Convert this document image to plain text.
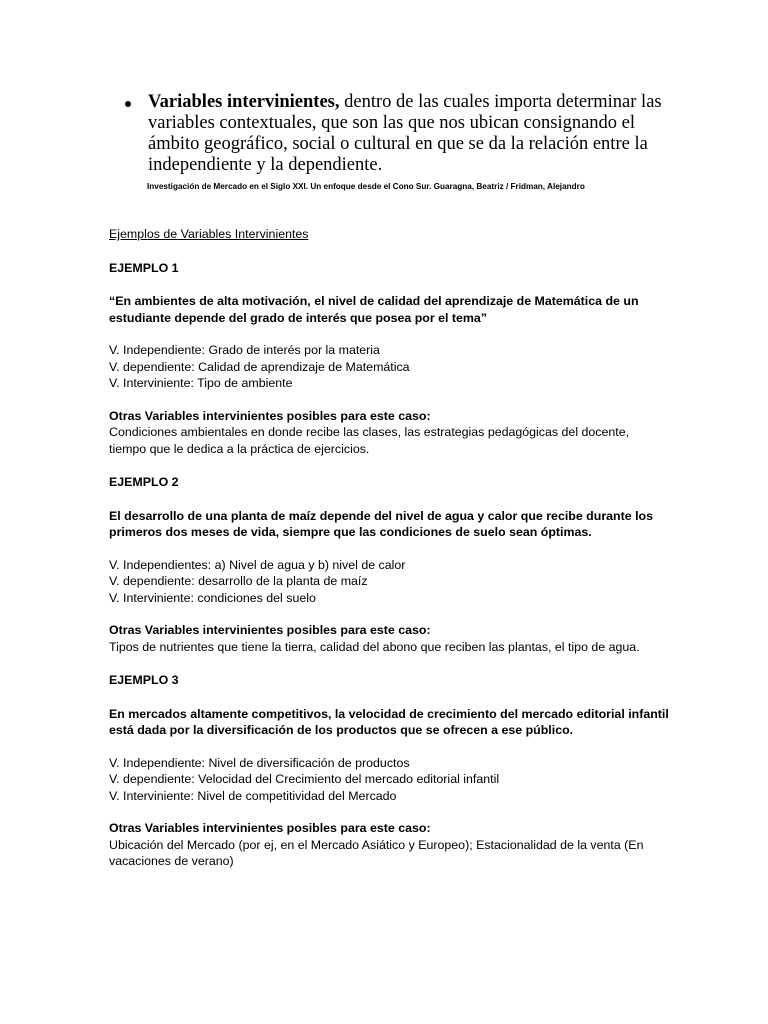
Variables intervinientes, dentro de las cuales importa determinar las variables contextuales, que son las que nos ubican consignando el ámbito geográfico, social o cultural en que se da la relación entre la independiente y la dependiente.
Investigación de Mercado en el Siglo XXI. Un enfoque desde el Cono Sur. Guaragna, Beatriz / Fridman, Alejandro

Ejemplos de Variables Intervinientes

EJEMPLO 1

“En ambientes de alta motivación, el nivel de calidad del aprendizaje de Matemática de un estudiante depende del grado de interés que posea por el tema”

V. Independiente: Grado de interés por la materia

V. dependiente: Calidad de aprendizaje de Matemática

V. Interviniente: Tipo de ambiente

Otras Variables intervinientes posibles para este caso:

Condiciones ambientales en donde recibe las clases, las estrategias pedagógicas del docente, tiempo que le dedica a la práctica de ejercicios.

EJEMPLO 2

El desarrollo de una planta de maíz depende del nivel de agua y calor que recibe durante los primeros dos meses de vida, siempre que las condiciones de suelo sean óptimas.

V. Independientes: a) Nivel de agua y b) nivel de calor

V. dependiente: desarrollo de la planta de maíz

V. Interviniente: condiciones del suelo

Otras Variables intervinientes posibles para este caso:

Tipos de nutrientes que tiene la tierra, calidad del abono que reciben las plantas, el tipo de agua.

EJEMPLO 3

En mercados altamente competitivos, la velocidad de crecimiento del mercado editorial infantil está dada por la diversificación de los productos que se ofrecen a ese público.

V. Independiente: Nivel de diversificación de productos

V. dependiente: Velocidad del Crecimiento del mercado editorial infantil

V. Interviniente: Nivel de competitividad del Mercado

Otras Variables intervinientes posibles para este caso:

Ubicación del Mercado (por ej, en el Mercado Asiático y Europeo); Estacionalidad de la venta (En vacaciones de verano)
